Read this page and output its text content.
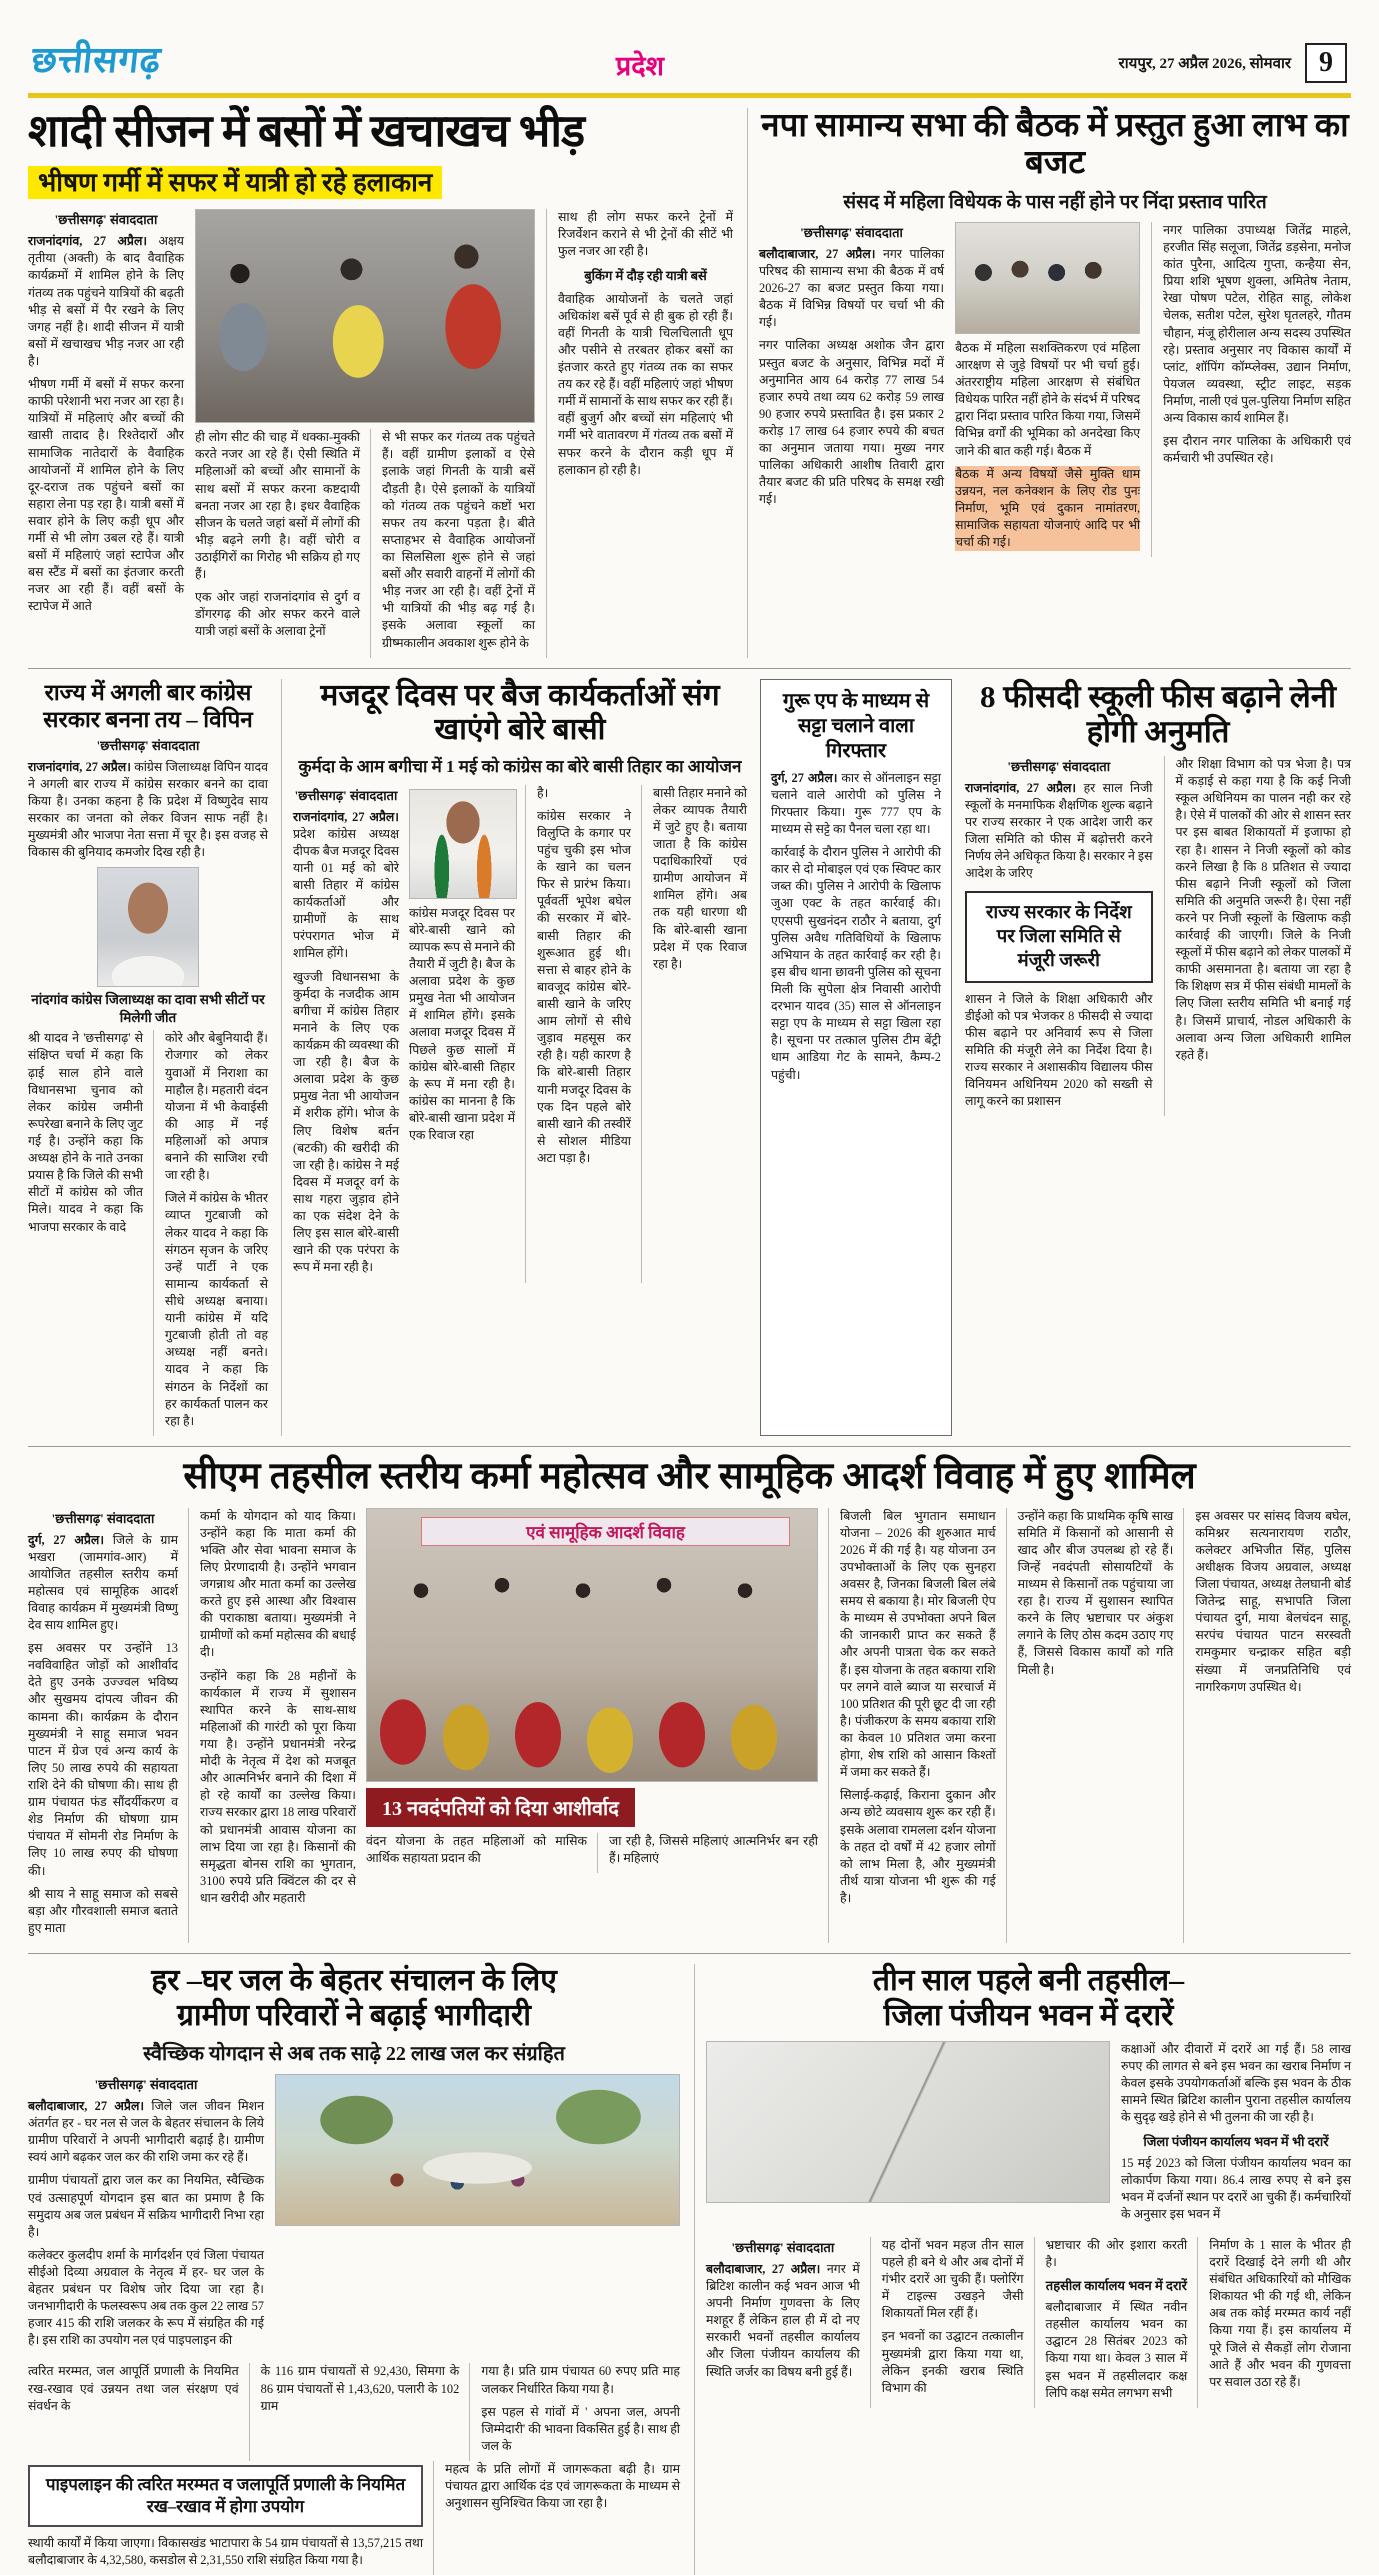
छत्तीसगढ़	प्रदेश	रायपुर, 27 अप्रैल 2026, सोमवार	9
शादी सीजन में बसों में खचाखच भीड़
भीषण गर्मी में सफर में यात्री हो रहे हलाकान

'छत्तीसगढ़' संवाददाता

राजनांदगांव, 27 अप्रैल। अक्षय तृतीया (अक्ती) के बाद वैवाहिक कार्यक्रमों में शामिल होने के लिए गंतव्य तक पहुंचने यात्रियों की बढ़ती भीड़ से बसों में पैर रखने के लिए जगह नहीं है। शादी सीजन में यात्री बसों में खचाखच भीड़ नजर आ रही है।

भीषण गर्मी में बसों में सफर करना काफी परेशानी भरा नजर आ रहा है। यात्रियों में महिलाएं और बच्चों की खासी तादाद है। रिश्तेदारों और सामाजिक नातेदारों के वैवाहिक आयोजनों में शामिल होने के लिए दूर-दराज तक पहुंचने बसों का सहारा लेना पड़ रहा है। यात्री बसों में सवार होने के लिए कड़ी धूप और गर्मी से भी लोग उबल रहे हैं। यात्री बसों में महिलाएं जहां स्टापेज और बस स्टैंड में बसों का इंतजार करती नजर आ रही हैं। वहीं बसों के स्टापेज में आते

ही लोग सीट की चाह में धक्का-मुक्की करते नजर आ रहे हैं। ऐसी स्थिति में महिलाओं को बच्चों और सामानों के साथ बसों में सफर करना कष्टदायी बनता नजर आ रहा है। इधर वैवाहिक सीजन के चलते जहां बसों में लोगों की भीड़ बढ़ने लगी है। वहीं चोरी व उठाईगिरों का गिरोह भी सक्रिय हो गए हैं।

एक ओर जहां राजनांदगांव से दुर्ग व डोंगरगढ़ की ओर सफर करने वाले यात्री जहां बसों के अलावा ट्रेनों

से भी सफर कर गंतव्य तक पहुंचते हैं। वहीं ग्रामीण इलाकों व ऐसे इलाके जहां गिनती के यात्री बसें दौड़ती है। ऐसे इलाकों के यात्रियों को गंतव्य तक पहुंचने कष्टों भरा सफर तय करना पड़ता है। बीते सप्ताहभर से वैवाहिक आयोजनों का सिलसिला शुरू होने से जहां बसों और सवारी वाहनों में लोगों की भीड़ नजर आ रही है। वहीं ट्रेनों में भी यात्रियों की भीड़ बढ़ गई है। इसके अलावा स्कूलों का ग्रीष्मकालीन अवकाश शुरू होने के

साथ ही लोग सफर करने ट्रेनों में रिजर्वेशन कराने से भी ट्रेनों की सीटें भी फुल नजर आ रही है।

बुकिंग में दौड़ रही यात्री बसें

वैवाहिक आयोजनों के चलते जहां अधिकांश बसें पूर्व से ही बुक हो रही हैं। वहीं गिनती के यात्री चिलचिलाती धूप और पसीने से तरबतर होकर बसों का इंतजार करते हुए गंतव्य तक का सफर तय कर रहे हैं। वहीं महिलाएं जहां भीषण गर्मी में सामानों के साथ सफर कर रही हैं। वहीं बुजुर्ग और बच्चों संग महिलाएं भी गर्मी भरे वातावरण में गंतव्य तक बसों में सफर करने के दौरान कड़ी धूप में हलाकान हो रही है।

नपा सामान्य सभा की बैठक में प्रस्तुत हुआ लाभ का बजट
संसद में महिला विधेयक के पास नहीं होने पर निंदा प्रस्ताव पारित

'छत्तीसगढ़' संवाददाता

बलौदाबाजार, 27 अप्रैल। नगर पालिका परिषद की सामान्य सभा की बैठक में वर्ष 2026-27 का बजट प्रस्तुत किया गया। बैठक में विभिन्न विषयों पर चर्चा भी की गई।

नगर पालिका अध्यक्ष अशोक जैन द्वारा प्रस्तुत बजट के अनुसार, विभिन्न मदों में अनुमानित आय 64 करोड़ 77 लाख 54 हजार रुपये तथा व्यय 62 करोड़ 59 लाख 90 हजार रुपये प्रस्तावित है। इस प्रकार 2 करोड़ 17 लाख 64 हजार रुपये की बचत का अनुमान जताया गया। मुख्य नगर पालिका अधिकारी आशीष तिवारी द्वारा तैयार बजट की प्रति परिषद के समक्ष रखी गई।

बैठक में महिला सशक्तिकरण एवं महिला आरक्षण से जुड़े विषयों पर भी चर्चा हुई। अंतरराष्ट्रीय महिला आरक्षण से संबंधित विधेयक पारित नहीं होने के संदर्भ में परिषद द्वारा निंदा प्रस्ताव पारित किया गया, जिसमें विभिन्न वर्गों की भूमिका को अनदेखा किए जाने की बात कही गई। बैठक में

बैठक में अन्य विषयों जैसे मुक्ति धाम उन्नयन, नल कनेक्शन के लिए रोड पुनः निर्माण, भूमि एवं दुकान नामांतरण, सामाजिक सहायता योजनाएं आदि पर भी चर्चा की गई।

नगर पालिका उपाध्यक्ष जितेंद्र माहले, हरजीत सिंह सलूजा, जितेंद्र डड़सेना, मनोज कांत पुरैना, आदित्य गुप्ता, कन्हैया सेन, प्रिया शशि भूषण शुक्ला, अमितेष नेताम, रेखा पोषण पटेल, रोहित साहू, लोकेश चेलक, सतीश पटेल, सुरेश घृतलहरे, गौतम चौहान, मंजू होरीलाल अन्य सदस्य उपस्थित रहे। प्रस्ताव अनुसार नए विकास कार्यों में प्लांट, शॉपिंग कॉम्प्लेक्स, उद्यान निर्माण, पेयजल व्यवस्था, स्ट्रीट लाइट, सड़क निर्माण, नाली एवं पुल-पुलिया निर्माण सहित अन्य विकास कार्य शामिल हैं।

इस दौरान नगर पालिका के अधिकारी एवं कर्मचारी भी उपस्थित रहे।

राज्य में अगली बार कांग्रेस सरकार बनना तय – विपिन

'छत्तीसगढ़' संवाददाता

राजनांदगांव, 27 अप्रैल। कांग्रेस जिलाध्यक्ष विपिन यादव ने अगली बार राज्य में कांग्रेस सरकार बनने का दावा किया है। उनका कहना है कि प्रदेश में विष्णुदेव साय सरकार का जनता को लेकर विजन साफ नहीं है। मुख्यमंत्री और भाजपा नेता सत्ता में चूर है। इस वजह से विकास की बुनियाद कमजोर दिख रही है।

नांदगांव कांग्रेस जिलाध्यक्ष का दावा सभी सीटों पर मिलेगी जीत

श्री यादव ने 'छत्तीसगढ़' से संक्षिप्त चर्चा में कहा कि ढ़ाई साल होने वाले विधानसभा चुनाव को लेकर कांग्रेस जमीनी रूपरेखा बनाने के लिए जुट गई है। उन्होंने कहा कि अध्यक्ष होने के नाते उनका प्रयास है कि जिले की सभी सीटों में कांग्रेस को जीत मिले। यादव ने कहा कि भाजपा सरकार के वादे

कोरे और बेबुनियादी हैं। रोजगार को लेकर युवाओं में निराशा का माहौल है। महतारी वंदन योजना में भी केवाईसी की आड़ में नई महिलाओं को अपात्र बनाने की साजिश रची जा रही है।

जिले में कांग्रेस के भीतर व्याप्त गुटबाजी को लेकर यादव ने कहा कि संगठन सृजन के जरिए उन्हें पार्टी ने एक सामान्य कार्यकर्ता से सीधे अध्यक्ष बनाया। यानी कांग्रेस में यदि गुटबाजी होती तो वह अध्यक्ष नहीं बनते। यादव ने कहा कि संगठन के निर्देशों का हर कार्यकर्ता पालन कर रहा है।

मजदूर दिवस पर बैज कार्यकर्ताओं संग खाएंगे बोरे बासी
कुर्मदा के आम बगीचा में 1 मई को कांग्रेस का बोरे बासी तिहार का आयोजन

'छत्तीसगढ़' संवाददाता

राजनांदगांव, 27 अप्रैल। प्रदेश कांग्रेस अध्यक्ष दीपक बैज मजदूर दिवस यानी 01 मई को बोरे बासी तिहार में कांग्रेस कार्यकर्ताओं और ग्रामीणों के साथ परंपरागत भोज में शामिल होंगे।

खुज्जी विधानसभा के कुर्मदा के नजदीक आम बगीचा में कांग्रेस तिहार मनाने के लिए एक कार्यक्रम की व्यवस्था की जा रही है। बैज के अलावा प्रदेश के कुछ प्रमुख नेता भी आयोजन में शरीक होंगे। भोज के लिए विशेष बर्तन (बटकी) की खरीदी की जा रही है। कांग्रेस ने मई दिवस में मजदूर वर्ग के साथ गहरा जुड़ाव होने का एक संदेश देने के लिए इस साल बोरे-बासी खाने की एक परंपरा के रूप में मना रही है।

कांग्रेस मजदूर दिवस पर बोरे-बासी खाने को व्यापक रूप से मनाने की तैयारी में जुटी है। बैज के अलावा प्रदेश के कुछ प्रमुख नेता भी आयोजन में शामिल होंगे। इसके अलावा मजदूर दिवस में पिछले कुछ सालों में कांग्रेस बोरे-बासी तिहार के रूप में मना रही है। कांग्रेस का मानना है कि बोरे-बासी खाना प्रदेश में एक रिवाज रहा

है।

कांग्रेस सरकार ने विलुप्ति के कगार पर पहुंच चुकी इस भोज के खाने का चलन फिर से प्रारंभ किया। पूर्ववर्ती भूपेश बघेल की सरकार में बोरे-बासी तिहार की शुरूआत हुई थी। सत्ता से बाहर होने के बावजूद कांग्रेस बोरे-बासी खाने के जरिए आम लोगों से सीधे जुड़ाव महसूस कर रही है। यही कारण है कि बोरे-बासी तिहार यानी मजदूर दिवस के एक दिन पहले बोरे बासी खाने की तस्वीरें से सोशल मीडिया अटा पड़ा है।

बासी तिहार मनाने को लेकर व्यापक तैयारी में जुटे हुए है। बताया जाता है कि कांग्रेस पदाधिकारियों एवं ग्रामीण आयोजन में शामिल होंगे। अब तक यही धारणा थी कि बोरे-बासी खाना प्रदेश में एक रिवाज रहा है।

गुरू एप के माध्यम से सट्टा चलाने वाला गिरफ्तार

दुर्ग, 27 अप्रैल। कार से ऑनलाइन सट्टा चलाने वाले आरोपी को पुलिस ने गिरफ्तार किया। गुरू 777 एप के माध्यम से सट्टे का पैनल चला रहा था।

कार्रवाई के दौरान पुलिस ने आरोपी की कार से दो मोबाइल एवं एक स्विफ्ट कार जब्त की। पुलिस ने आरोपी के खिलाफ जुआ एक्ट के तहत कार्रवाई की। एएसपी सुखनंदन राठौर ने बताया, दुर्ग पुलिस अवैध गतिविधियों के खिलाफ अभियान के तहत कार्रवाई कर रही है। इस बीच थाना छावनी पुलिस को सूचना मिली कि सुपेला क्षेत्र निवासी आरोपी दरभान यादव (35) साल से ऑनलाइन सट्टा एप के माध्यम से सट्टा खिला रहा है। सूचना पर तत्काल पुलिस टीम बेंट्री धाम आडिया गेट के सामने, कैम्प-2 पहुंची।

8 फीसदी स्कूली फीस बढ़ाने लेनी होगी अनुमति

'छत्तीसगढ़' संवाददाता

राजनांदगांव, 27 अप्रैल। हर साल निजी स्कूलों के मनमाफिक शैक्षणिक शुल्क बढ़ाने पर राज्य सरकार ने एक आदेश जारी कर जिला समिति को फीस में बढ़ोत्तरी करने निर्णय लेने अधिकृत किया है। सरकार ने इस आदेश के जरिए

राज्य सरकार के निर्देश पर जिला समिति से मंजूरी जरूरी

शासन ने जिले के शिक्षा अधिकारी और डीईओ को पत्र भेजकर 8 फीसदी से ज्यादा फीस बढ़ाने पर अनिवार्य रूप से जिला समिति की मंजूरी लेने का निर्देश दिया है। राज्य सरकार ने अशासकीय विद्यालय फीस विनियमन अधिनियम 2020 को सख्ती से लागू करने का प्रशासन

और शिक्षा विभाग को पत्र भेजा है। पत्र में कड़ाई से कहा गया है कि कई निजी स्कूल अधिनियम का पालन नही कर रहे है। ऐसे में पालकों की ओर से शासन स्तर पर इस बाबत शिकायतों में इजाफा हो रहा है। शासन ने निजी स्कूलों को कोड करने लिखा है कि 8 प्रतिशत से ज्यादा फीस बढ़ाने निजी स्कूलों को जिला समिति की अनुमति जरूरी है। ऐसा नहीं करने पर निजी स्कूलों के खिलाफ कड़ी कार्रवाई की जाएगी। जिले के निजी स्कूलों में फीस बढ़ाने को लेकर पालकों में काफी असमानता है। बताया जा रहा है कि शिक्षण सत्र में फीस संबंधी मामलों के लिए जिला स्तरीय समिति भी बनाई गई है। जिसमें प्राचार्य, नोडल अधिकारी के अलावा अन्य जिला अधिकारी शामिल रहते हैं।

सीएम तहसील स्तरीय कर्मा महोत्सव और सामूहिक आदर्श विवाह में हुए शामिल

'छत्तीसगढ़' संवाददाता

दुर्ग, 27 अप्रैल। जिले के ग्राम भखरा (जामगांव-आर) में आयोजित तहसील स्तरीय कर्मा महोत्सव एवं सामूहिक आदर्श विवाह कार्यक्रम में मुख्यमंत्री विष्णु देव साय शामिल हुए।

इस अवसर पर उन्होंने 13 नवविवाहित जोड़ों को आशीर्वाद देते हुए उनके उज्ज्वल भविष्य और सुखमय दांपत्य जीवन की कामना की। कार्यक्रम के दौरान मुख्यमंत्री ने साहू समाज भवन पाटन में ग्रेज एवं अन्य कार्य के लिए 50 लाख रुपये की सहायता राशि देने की घोषणा की। साथ ही ग्राम पंचायत फंड सौंदर्यीकरण व शेड निर्माण की घोषणा ग्राम पंचायत में सोमनी रोड निर्माण के लिए 10 लाख रुपए की घोषणा की।

श्री साय ने साहू समाज को सबसे बड़ा और गौरवशाली समाज बताते हुए माता

कर्मा के योगदान को याद किया। उन्होंने कहा कि माता कर्मा की भक्ति और सेवा भावना समाज के लिए प्रेरणादायी है। उन्होंने भगवान जगन्नाथ और माता कर्मा का उल्लेख करते हुए इसे आस्था और विश्वास की पराकाष्ठा बताया। मुख्यमंत्री ने ग्रामीणों को कर्मा महोत्सव की बधाई दी।

उन्होंने कहा कि 28 महीनों के कार्यकाल में राज्य में सुशासन स्थापित करने के साथ-साथ महिलाओं की गारंटी को पूरा किया गया है। उन्होंने प्रधानमंत्री नरेन्द्र मोदी के नेतृत्व में देश को मजबूत और आत्मनिर्भर बनाने की दिशा में हो रहे कार्यों का उल्लेख किया। राज्य सरकार द्वारा 18 लाख परिवारों को प्रधानमंत्री आवास योजना का लाभ दिया जा रहा है। किसानों की समृद्धता बोनस राशि का भुगतान, 3100 रुपये प्रति क्विंटल की दर से धान खरीदी और महतारी

एवं सामूहिक आदर्श विवाह
13 नवदंपतियों को दिया आशीर्वाद

वंदन योजना के तहत महिलाओं को मासिक आर्थिक सहायता प्रदान की

जा रही है, जिससे महिलाएं आत्मनिर्भर बन रही हैं। महिलाएं

बिजली बिल भुगतान समाधान योजना – 2026 की शुरुआत मार्च 2026 में की गई है। यह योजना उन उपभोक्ताओं के लिए एक सुनहरा अवसर है, जिनका बिजली बिल लंबे समय से बकाया है। मोर बिजली ऐप के माध्यम से उपभोक्ता अपने बिल की जानकारी प्राप्त कर सकते हैं और अपनी पात्रता चेक कर सकते हैं। इस योजना के तहत बकाया राशि पर लगने वाले ब्याज या सरचार्ज में 100 प्रतिशत की पूरी छूट दी जा रही है। पंजीकरण के समय बकाया राशि का केवल 10 प्रतिशत जमा करना होगा, शेष राशि को आसान किश्तों में जमा कर सकते हैं।

सिलाई-कढ़ाई, किराना दुकान और अन्य छोटे व्यवसाय शुरू कर रही हैं। इसके अलावा रामलला दर्शन योजना के तहत दो वर्षों में 42 हजार लोगों को लाभ मिला है, और मुख्यमंत्री तीर्थ यात्रा योजना भी शुरू की गई है।

उन्होंने कहा कि प्राथमिक कृषि साख समिति में किसानों को आसानी से खाद और बीज उपलब्ध हो रहे हैं। जिन्हें नवदंपती सोसायटियों के माध्यम से किसानों तक पहुंचाया जा रहा है। राज्य में सुशासन स्थापित करने के लिए भ्रष्टाचार पर अंकुश लगाने के लिए ठोस कदम उठाए गए हैं, जिससे विकास कार्यों को गति मिली है।

इस अवसर पर सांसद विजय बघेल, कमिश्नर सत्यनारायण राठौर, कलेक्टर अभिजीत सिंह, पुलिस अधीक्षक विजय अग्रवाल, अध्यक्ष जिला पंचायत, अध्यक्ष तेलघानी बोर्ड जितेन्द्र साहू, सभापति जिला पंचायत दुर्ग, माया बेलचंदन साहू, सरपंच पंचायत पाटन सरस्वती रामकुमार चन्द्राकर सहित बड़ी संख्या में जनप्रतिनिधि एवं नागरिकगण उपस्थित थे।

हर –घर जल के बेहतर संचालन के लिए
ग्रामीण परिवारों ने बढ़ाई भागीदारी
स्वैच्छिक योगदान से अब तक साढ़े 22 लाख जल कर संग्रहित

'छत्तीसगढ़' संवाददाता

बलौदाबाजार, 27 अप्रैल। जिले जल जीवन मिशन अंतर्गत हर - घर नल से जल के बेहतर संचालन के लिये ग्रामीण परिवारों ने अपनी भागीदारी बढ़ाई है। ग्रामीण स्वयं आगे बढ़कर जल कर की राशि जमा कर रहे हैं।

ग्रामीण पंचायतों द्वारा जल कर का नियमित, स्वैच्छिक एवं उत्साहपूर्ण योगदान इस बात का प्रमाण है कि समुदाय अब जल प्रबंधन में सक्रिय भागीदारी निभा रहा है।

कलेक्टर कुलदीप शर्मा के मार्गदर्शन एवं जिला पंचायत सीईओ दिव्या अग्रवाल के नेतृत्व में हर- घर जल के बेहतर प्रबंधन पर विशेष जोर दिया जा रहा है। जनभागीदारी के फलस्वरूप अब तक कुल 22 लाख 57 हजार 415 की राशि जलकर के रूप में संग्रहित की गई है। इस राशि का उपयोग नल एवं पाइपलाइन की

त्वरित मरम्मत, जल आपूर्ति प्रणाली के नियमित रख-रखाव एवं उन्नयन तथा जल संरक्षण एवं संवर्धन के

के 116 ग्राम पंचायतों से 92,430, सिमगा के 86 ग्राम पंचायतों से 1,43,620, पलारी के 102 ग्राम

गया है। प्रति ग्राम पंचायत 60 रुपए प्रति माह जलकर निर्धारित किया गया है।

इस पहल से गांवों में ' अपना जल, अपनी जिम्मेदारी' की भावना विकसित हुई है। साथ ही जल के

पाइपलाइन की त्वरित मरम्मत व जलापूर्ति प्रणाली के नियमित रख–रखाव में होगा उपयोग

स्थायी कार्यों में किया जाएगा। विकासखंड भाटापारा के 54 ग्राम पंचायतों से 13,57,215 तथा बलौदाबाजार के 4,32,580, कसडोल से 2,31,550 राशि संग्रहित किया गया है।

महत्व के प्रति लोगों में जागरूकता बढ़ी है। ग्राम पंचायत द्वारा आर्थिक दंड एवं जागरूकता के माध्यम से अनुशासन सुनिश्चित किया जा रहा है।

तीन साल पहले बनी तहसील–
जिला पंजीयन भवन में दरारें

कक्षाओं और दीवारों में दरारें आ गई हैं। 58 लाख रुपए की लागत से बने इस भवन का खराब निर्माण न केवल इसके उपयोगकर्ताओं बल्कि इस भवन के ठीक सामने स्थित ब्रिटिश कालीन पुराना तहसील कार्यालय के सुदृढ़ खड़े होने से भी तुलना की जा रही है।

जिला पंजीयन कार्यालय भवन में भी दरारें

15 मई 2023 को जिला पंजीयन कार्यालय भवन का लोकार्पण किया गया। 86.4 लाख रुपए से बने इस भवन में दर्जनों स्थान पर दरारें आ चुकी हैं। कर्मचारियों के अनुसार इस भवन में

'छत्तीसगढ़' संवाददाता

बलौदाबाजार, 27 अप्रैल। नगर में ब्रिटिश कालीन कई भवन आज भी अपनी निर्माण गुणवत्ता के लिए मशहूर हैं लेकिन हाल ही में दो नए सरकारी भवनों तहसील कार्यालय और जिला पंजीयन कार्यालय की स्थिति जर्जर का विषय बनी हुई हैं।

यह दोनों भवन महज तीन साल पहले ही बने थे और अब दोनों में गंभीर दरारें आ चुकी हैं। फ्लोरिंग में टाइल्स उखड़ने जैसी शिकायतों मिल रहीं हैं।

इन भवनों का उद्घाटन तत्कालीन मुख्यमंत्री द्वारा किया गया था, लेकिन इनकी खराब स्थिति विभाग की

भ्रष्टाचार की ओर इशारा करती है।

तहसील कार्यालय भवन में दरारें

बलौदाबाजार में स्थित नवीन तहसील कार्यालय भवन का उद्घाटन 28 सितंबर 2023 को किया गया था। केवल 3 साल में इस भवन में तहसीलदार कक्ष लिपि कक्ष समेत लगभग सभी

निर्माण के 1 साल के भीतर ही दरारें दिखाई देने लगी थी और संबंधित अधिकारियों को मौखिक शिकायत भी की गई थी, लेकिन अब तक कोई मरम्मत कार्य नहीं किया गया हैं। इस कार्यालय में पूरे जिले से सैकड़ों लोग रोजाना आते हैं और भवन की गुणवत्ता पर सवाल उठा रहे हैं।
